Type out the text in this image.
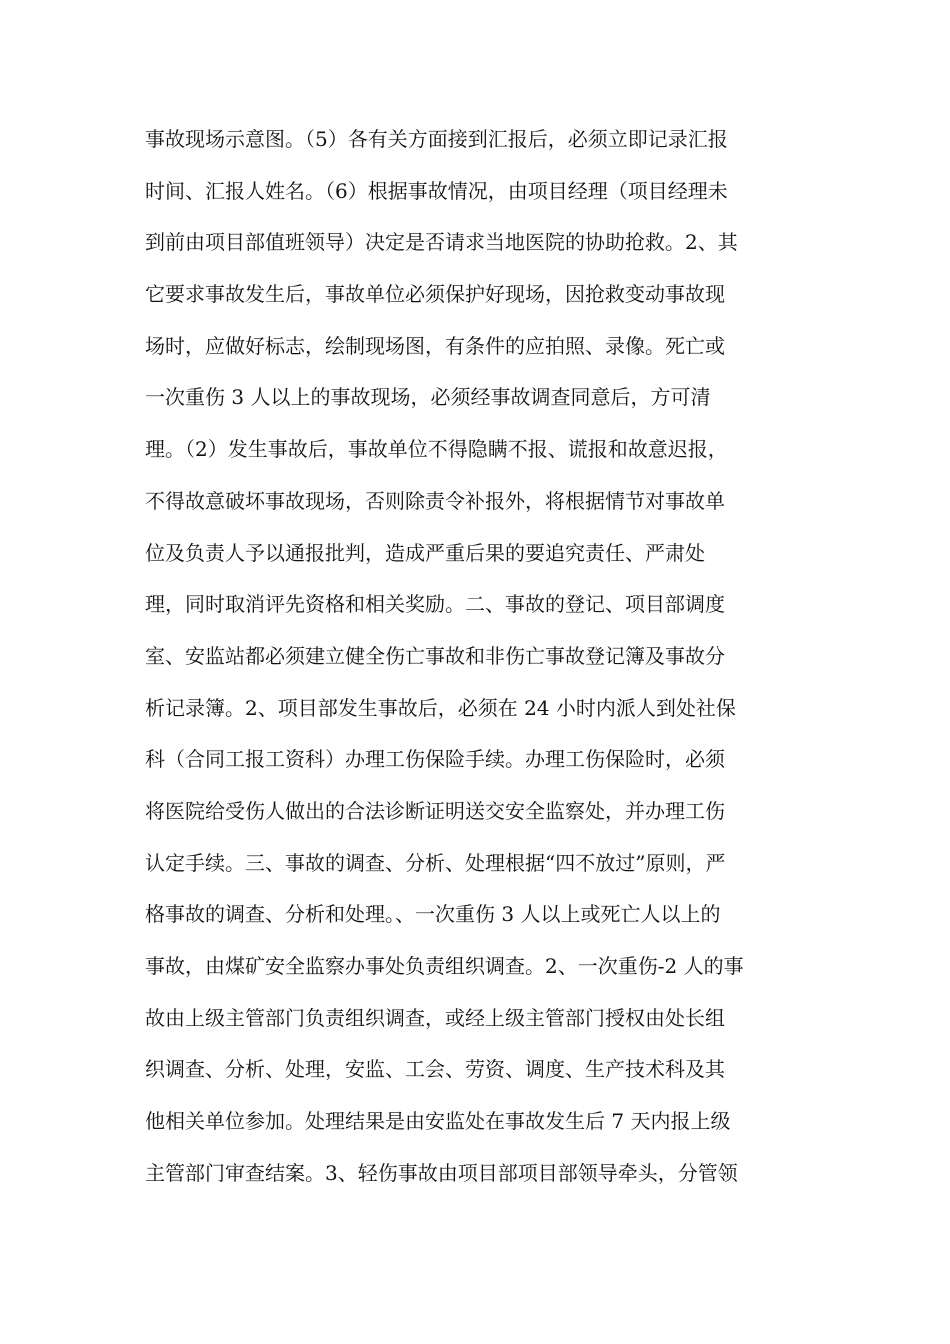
事故现场示意图。（5）各有关方面接到汇报后，必须立即记录汇报
时间、汇报人姓名。（6）根据事故情况，由项目经理（项目经理未
到前由项目部值班领导）决定是否请求当地医院的协助抢救。2、其
它要求事故发生后，事故单位必须保护好现场，因抢救变动事故现
场时，应做好标志，绘制现场图，有条件的应拍照、录像。死亡或
一次重伤 3 人以上的事故现场，必须经事故调查同意后，方可清
理。（2）发生事故后，事故单位不得隐瞒不报、谎报和故意迟报，
不得故意破坏事故现场，否则除责令补报外，将根据情节对事故单
位及负责人予以通报批判，造成严重后果的要追究责任、严肃处
理，同时取消评先资格和相关奖励。二、事故的登记、项目部调度
室、安监站都必须建立健全伤亡事故和非伤亡事故登记簿及事故分
析记录簿。2、项目部发生事故后，必须在 24 小时内派人到处社保
科（合同工报工资科）办理工伤保险手续。办理工伤保险时，必须
将医院给受伤人做出的合法诊断证明送交安全监察处，并办理工伤
认定手续。三、事故的调查、分析、处理根据“四不放过”原则，严
格事故的调查、分析和处理。、一次重伤 3 人以上或死亡人以上的
事故，由煤矿安全监察办事处负责组织调查。2、一次重伤-2 人的事
故由上级主管部门负责组织调查，或经上级主管部门授权由处长组
织调查、分析、处理，安监、工会、劳资、调度、生产技术科及其
他相关单位参加。处理结果是由安监处在事故发生后 7 天内报上级
主管部门审查结案。3、轻伤事故由项目部项目部领导牵头，分管领
